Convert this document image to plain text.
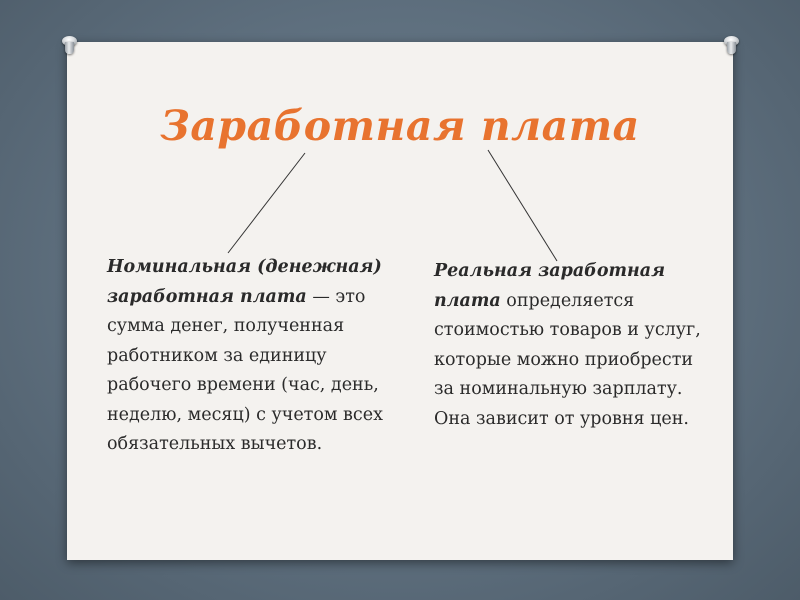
Заработная плата

Номинальная (денежная) заработная плата — это сумма денег, полученная работником за единицу рабочего времени (час, день, неделю, месяц) с учетом всех обязательных вычетов.

Реальная заработная плата определяется стоимостью товаров и услуг, которые можно приобрести за номинальную зарплату. Она зависит от уровня цен.
